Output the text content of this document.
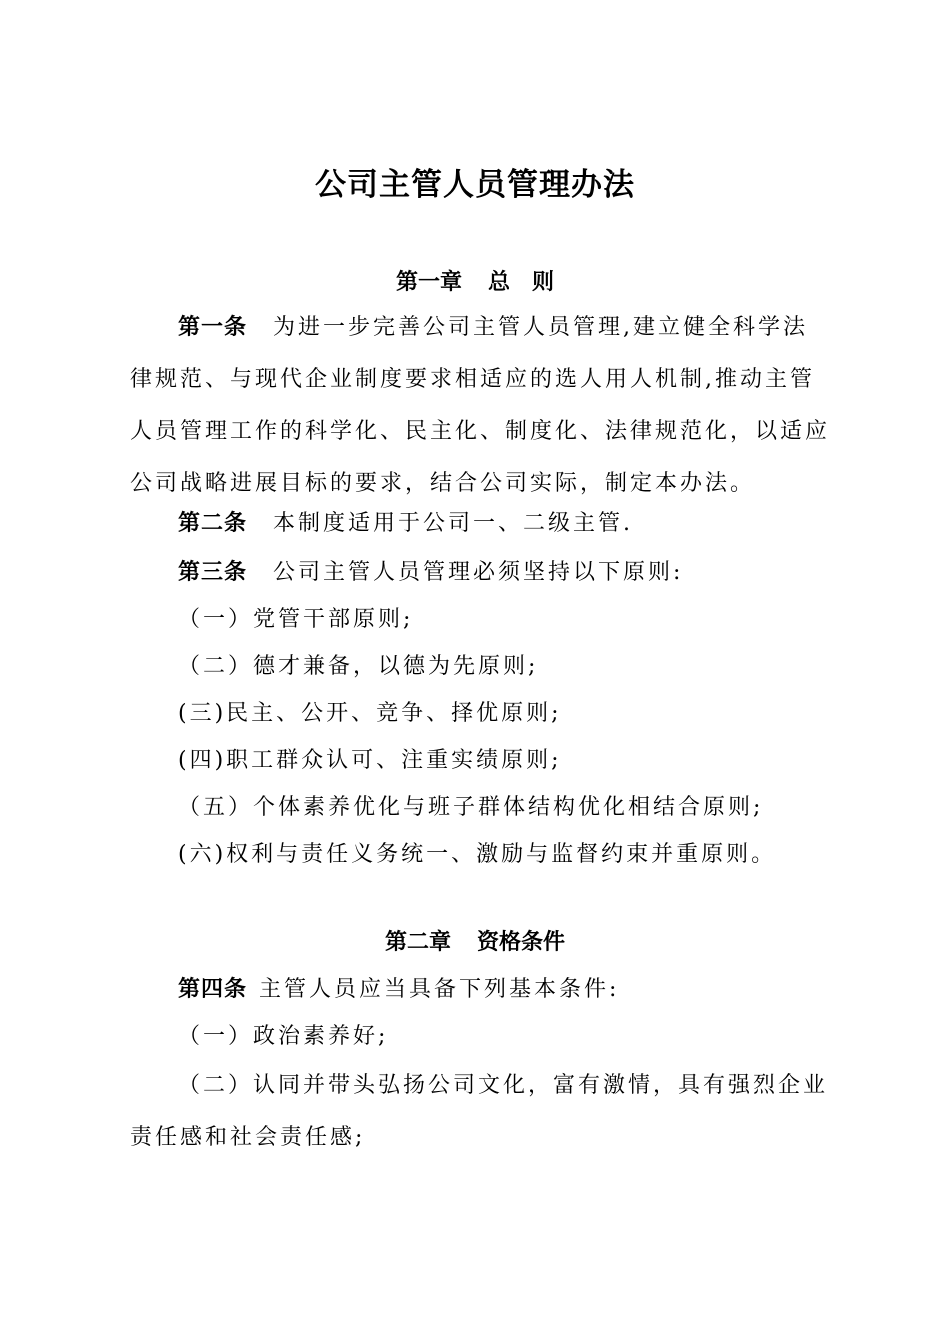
公司主管人员管理办法
第一章 总　则
第一条 为进一步完善公司主管人员管理,建立健全科学法律规范、与现代企业制度要求相适应的选人用人机制,推动主管人员管理工作的科学化、民主化、制度化、法律规范化，以适应公司战略进展目标的要求，结合公司实际，制定本办法。
第二条 本制度适用于公司一、二级主管.
第三条 公司主管人员管理必须坚持以下原则:
（一）党管干部原则;
（二）德才兼备，以德为先原则;
(三)民主、公开、竞争、择优原则;
(四)职工群众认可、注重实绩原则;
（五）个体素养优化与班子群体结构优化相结合原则;
(六)权利与责任义务统一、激励与监督约束并重原则。
第二章 资格条件
第四条 主管人员应当具备下列基本条件:
（一）政治素养好;
（二）认同并带头弘扬公司文化，富有激情，具有强烈企业责任感和社会责任感;
